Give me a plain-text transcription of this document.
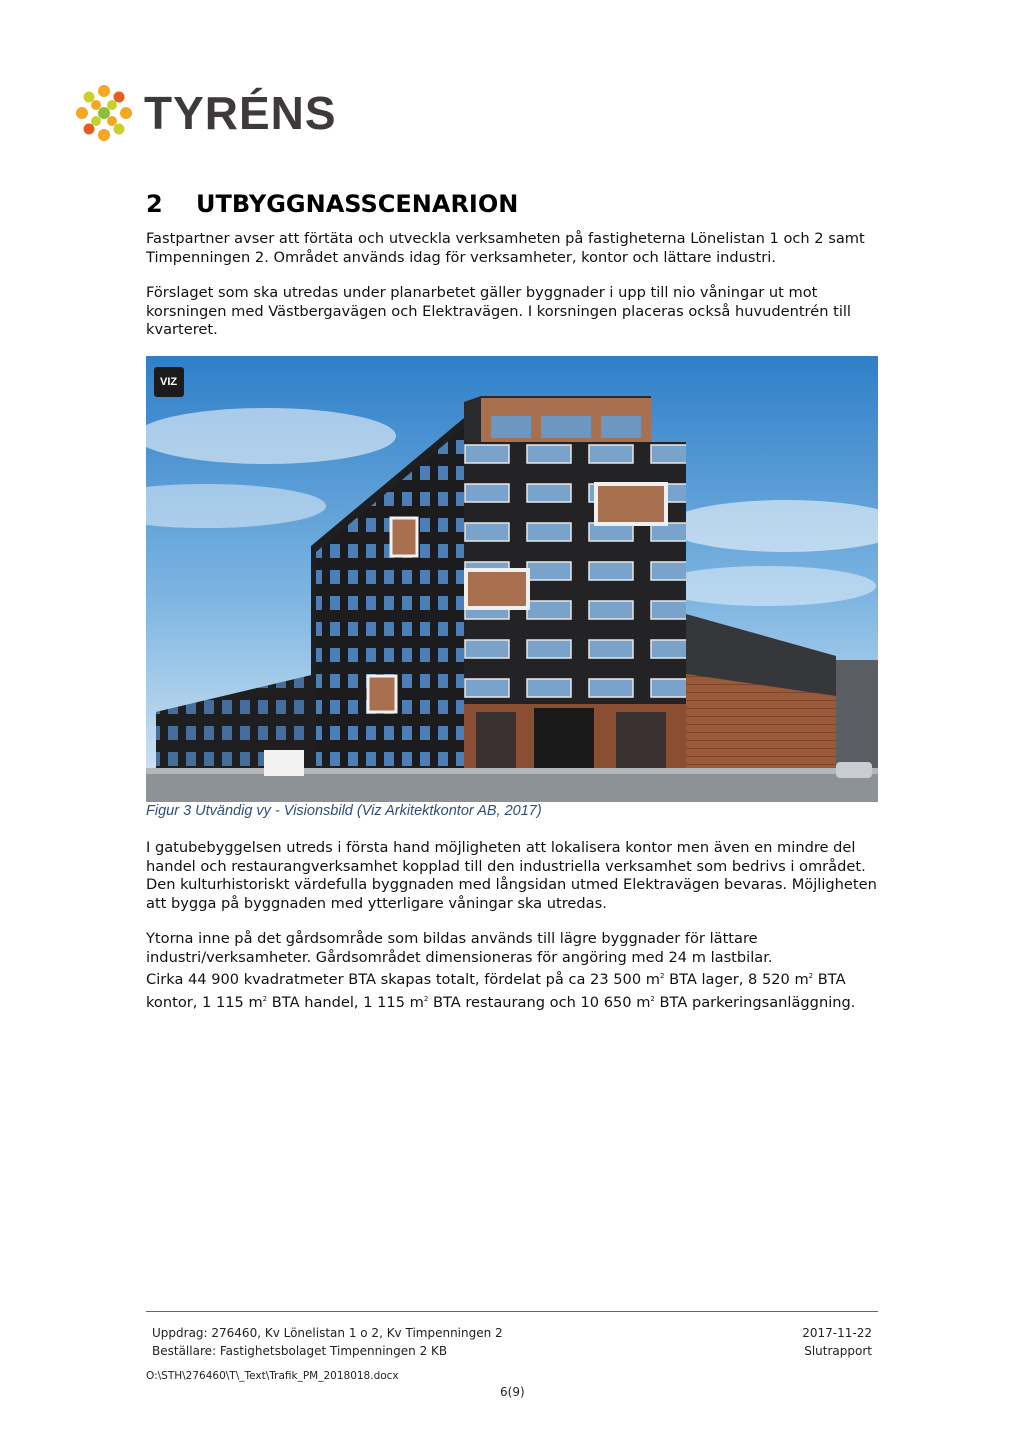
TYRÉNS
2 UTBYGGNASSCENARION

Fastpartner avser att förtäta och utveckla verksamheten på fastigheterna Lönelistan 1 och 2 samt Timpenningen 2. Området används idag för verksamheter, kontor och lättare industri.

Förslaget som ska utredas under planarbetet gäller byggnader i upp till nio våningar ut mot korsningen med Västbergavägen och Elektravägen. I korsningen placeras också huvudentrén till kvarteret.

VIZ
Figur 3 Utvändig vy - Visionsbild (Viz Arkitektkontor AB, 2017)

I gatubebyggelsen utreds i första hand möjligheten att lokalisera kontor men även en mindre del handel och restaurangverksamhet kopplad till den industriella verksamhet som bedrivs i området. Den kulturhistoriskt värdefulla byggnaden med långsidan utmed Elektravägen bevaras. Möjligheten att bygga på byggnaden med ytterligare våningar ska utredas.

Ytorna inne på det gårdsområde som bildas används till lägre byggnader för lättare industri/verksamheter. Gårdsområdet dimensioneras för angöring med 24 m lastbilar.
Cirka 44 900 kvadratmeter BTA skapas totalt, fördelat på ca 23 500 $m^2$ BTA lager, 8 520 $m^2$ BTA kontor, 1 115 $m^2$ BTA handel, 1 115 $m^2$ BTA restaurang och 10 650 $m^2$ BTA parkeringsanläggning.

Uppdrag: 276460, Kv Lönelistan 1 o 2, Kv Timpenningen 2
Beställare: Fastighetsbolaget Timpenningen 2 KB
2017-11-22
Slutrapport
O:\STH\276460\T\_Text\Trafik_PM_2018018.docx
6(9)
